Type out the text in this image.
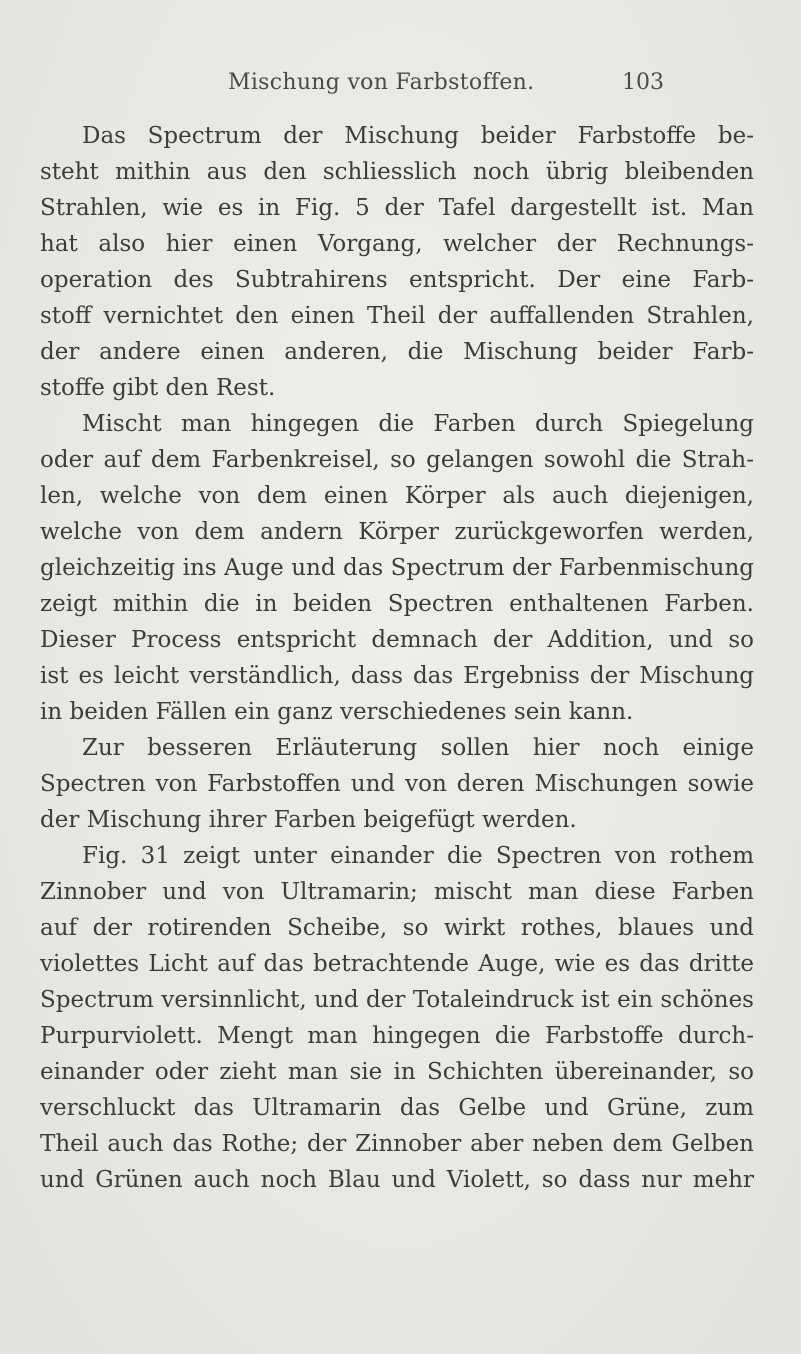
Mischung von Farbstoffen.	103
Das Spectrum der Mischung beider Farbstoffe be-
steht mithin aus den schliesslich noch übrig bleibenden
Strahlen, wie es in Fig. 5 der Tafel dargestellt ist. Man
hat also hier einen Vorgang, welcher der Rechnungs-
operation des Subtrahirens entspricht. Der eine Farb-
stoff vernichtet den einen Theil der auffallenden Strahlen,
der andere einen anderen, die Mischung beider Farb-
stoffe gibt den Rest.
Mischt man hingegen die Farben durch Spiegelung
oder auf dem Farbenkreisel, so gelangen sowohl die Strah-
len, welche von dem einen Körper als auch diejenigen,
welche von dem andern Körper zurückgeworfen werden,
gleichzeitig ins Auge und das Spectrum der Farbenmischung
zeigt mithin die in beiden Spectren enthaltenen Farben.
Dieser Process entspricht demnach der Addition, und so
ist es leicht verständlich, dass das Ergebniss der Mischung
in beiden Fällen ein ganz verschiedenes sein kann.
Zur besseren Erläuterung sollen hier noch einige
Spectren von Farbstoffen und von deren Mischungen sowie
der Mischung ihrer Farben beigefügt werden.
Fig. 31 zeigt unter einander die Spectren von rothem
Zinnober und von Ultramarin; mischt man diese Farben
auf der rotirenden Scheibe, so wirkt rothes, blaues und
violettes Licht auf das betrachtende Auge, wie es das dritte
Spectrum versinnlicht, und der Totaleindruck ist ein schönes
Purpurviolett. Mengt man hingegen die Farbstoffe durch-
einander oder zieht man sie in Schichten übereinander, so
verschluckt das Ultramarin das Gelbe und Grüne, zum
Theil auch das Rothe; der Zinnober aber neben dem Gelben
und Grünen auch noch Blau und Violett, so dass nur mehr
